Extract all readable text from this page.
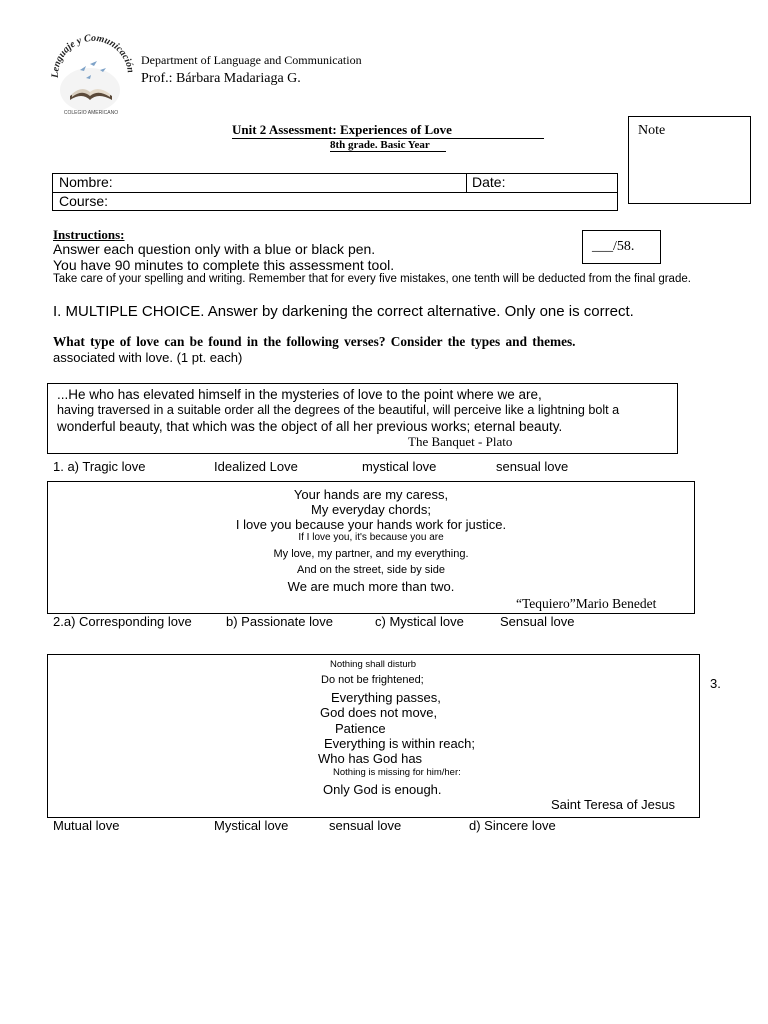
Lenguaje y Comunicación
COLEGIO AMERICANO
Department of Language and Communication
Prof.: Bárbara Madariaga G.
Unit 2 Assessment: Experiences of Love
8th grade. Basic Year
Note
Nombre:	Date:
Course:
Instructions:
Answer each question only with a blue or black pen.
You have 90 minutes to complete this assessment tool.
Take care of your spelling and writing. Remember that for every five mistakes, one tenth will be deducted from the final grade.
___/58.
I. MULTIPLE CHOICE. Answer by darkening the correct alternative. Only one is correct.
What type of love can be found in the following verses? Consider the types and themes.
associated with love. (1 pt. each)
...He who has elevated himself in the mysteries of love to the point where we are,
having traversed in a suitable order all the degrees of the beautiful, will perceive like a lightning bolt a
wonderful beauty, that which was the object of all her previous works; eternal beauty.
The Banquet - Plato
1. a) Tragic love	Idealized Love	mystical love	sensual love
Your hands are my caress,
My everyday chords;
I love you because your hands work for justice.
If I love you, it's because you are
My love, my partner, and my everything.
And on the street, side by side
We are much more than two.
“Tequiero”Mario Benedet
2.a) Corresponding love	b) Passionate love	c) Mystical love	Sensual love
3.
Nothing shall disturb
Do not be frightened;
Everything passes,
God does not move,
Patience
Everything is within reach;
Who has God has
Nothing is missing for him/her:
Only God is enough.
Saint Teresa of Jesus
Mutual love	Mystical love	sensual love	d) Sincere love
